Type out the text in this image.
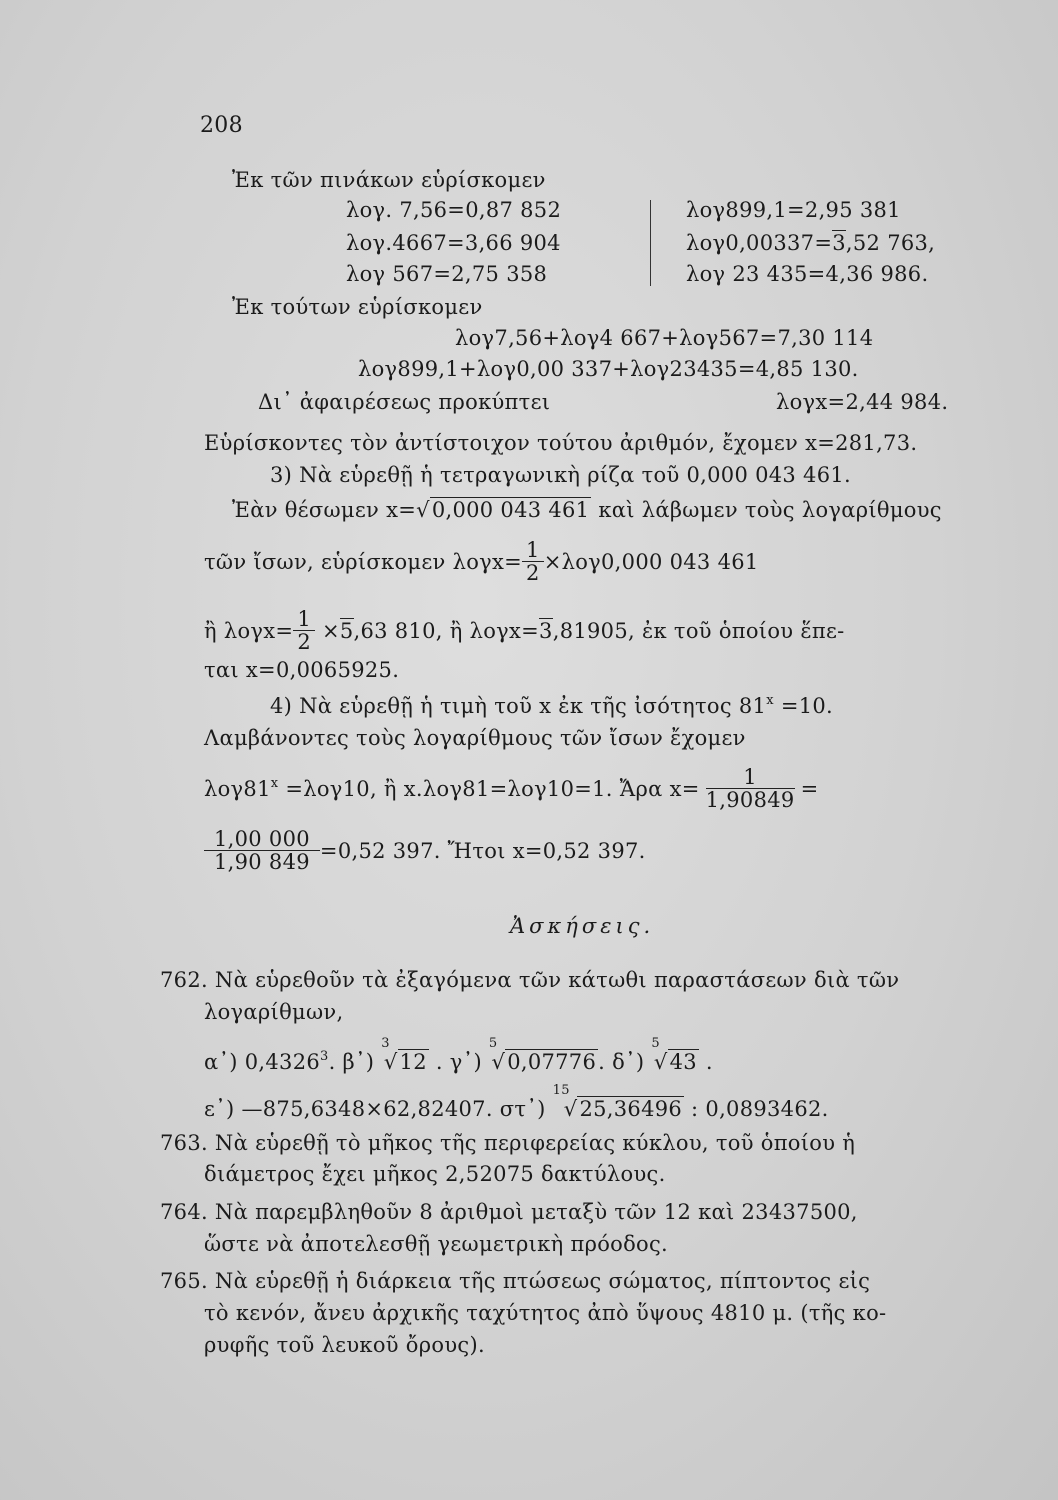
208
Ἐκ τῶν πινάκων εὑρίσκομεν
λογ. 7,56=0,87 852
λογ.4667=3,66 904
λογ 567=2,75 358
λογ899,1=2,95 381
λογ0,00337=3,52 763,
λογ 23 435=4,36 986.
Ἐκ τούτων εὑρίσκομεν
λογ7,56+λογ4 667+λογ567=7,30 114
λογ899,1+λογ0,00 337+λογ23435=4,85 130.
Δι᾽ ἀφαιρέσεως προκύπτει	λογx=2,44 984.
Εὑρίσκοντες τὸν ἀντίστοιχον τούτου ἀριθμόν, ἔχομεν x=281,73.
3) Νὰ εὑρεθῇ ἡ τετραγωνικὴ ρίζα τοῦ 0,000 043 461.
Ἐὰν θέσωμεν x=√0,000 043 461 καὶ λάβωμεν τοὺς λογαρίθμους
τῶν ἴσων, εὑρίσκομεν $\lambda o\gamma x= \frac{1}{2} \times\lambda o\gamma 0,000$ 043 461
ἢ $\lambda o\gamma x= \frac{1}{2} \times 5,63$ 810, ἢ λογx=3,81905, ἐκ τοῦ ὁποίου ἕπε-
ται x=0,0065925.
4) Νὰ εὑρεθῇ ἡ τιμὴ τοῦ x ἐκ τῆς ἰσότητος $81^x =10$.
Λαμβάνοντες τοὺς λογαρίθμους τῶν ἴσων ἔχομεν
$\lambda o\gamma 81^x =\lambda o\gamma 10$, ἢ x.λογ81=λογ10=1. Ἄρα $x= \frac{1}{1,90849}$ =
$\frac{1,00 000}{1,90 849} =0,52$ 397. Ἤτοι x=0,52 397.
Ἀσκήσεις.
762. Νὰ εὑρεθοῦν τὰ ἐξαγόμενα τῶν κάτωθι παραστάσεων διὰ τῶν
λογαρίθμων,
α᾽) 0,4326$^3$. β᾽) $^3$√12 . γ᾽) $^5$√0,07776. δ᾽) $^5$√43 .
ε᾽) —875,6348×62,82407. στ᾽) $^{15}$√25,36496 : 0,0893462.
763. Νὰ εὑρεθῇ τὸ μῆκος τῆς περιφερείας κύκλου, τοῦ ὁποίου ἡ
διάμετρος ἔχει μῆκος 2,52075 δακτύλους.
764. Νὰ παρεμβληθοῦν 8 ἀριθμοὶ μεταξὺ τῶν 12 καὶ 23437500,
ὥστε νὰ ἀποτελεσθῇ γεωμετρικὴ πρόοδος.
765. Νὰ εὑρεθῇ ἡ διάρκεια τῆς πτώσεως σώματος, πίπτοντος εἰς
τὸ κενόν, ἄνευ ἀρχικῆς ταχύτητος ἀπὸ ὕψους 4810 μ. (τῆς κο-
ρυφῆς τοῦ λευκοῦ ὄρους).
